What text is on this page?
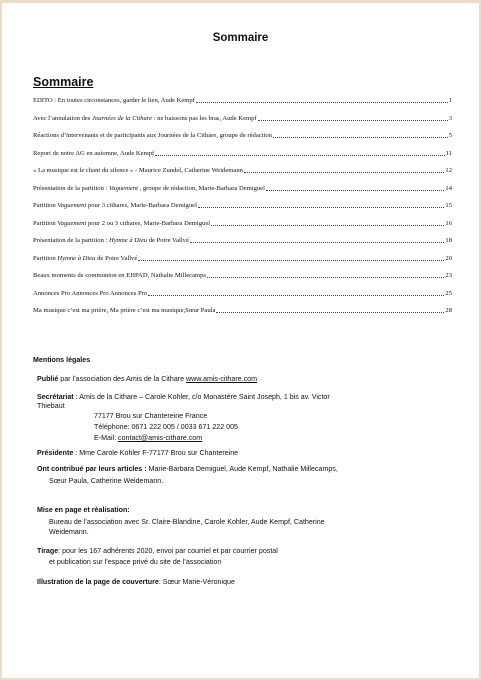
Sommaire
Sommaire
EDITO : En toutes circonstances, garder le lien, Aude Kempf	1
Avec l’annulation des Journées de la Cithare : ne baissons pas les bras, Aude Kempf	3
Réactions d’intervenants et de participants aux Journées de la Cithare, groupe de rédaction	5
Report de notre AG en automne, Aude Kempf	11
« La musique est le chant du silence » - Maurice Zundel, Catherine Weidemann	12
Présentation de la partition : Vaguement , groupe de rédaction, Marie-Barbara Demiguel	14
Partition Vaguement pour 3 cithares, Marie-Barbara Demiguel	15
Partition Vaguement pour 2 ou 3 cithares, Marie-Barbara Demiguel	16
Présentation de la partition : Hymne à Dieu de Poire Vallvé	18
Partition Hymne à Dieu de Poire Vallvé	20
Beaux moments de communion en EHPAD, Nathalie Millecamps	23
Annonces Pro Annonces Pro Annonces Pro	25
Ma musique c’est ma prière, Ma prière c’est ma musique,Sœur Paula	28
Mentions légales
Publié par l’association des Amis de la Cithare www.amis-cithare.com
Secrétariat : Amis de la Cithare – Carole Kohler, c/o Monastère Saint Joseph, 1 bis av. Victor
Thiebaut
77177 Brou sur Chantereine France
Téléphone: 0671 222 005 / 0033 671 222 005
E-Mail: contact@amis-cithare.com
Présidente : Mme Carole Kohler F-77177 Brou sur Chantereine
Ont contribué par leurs articles : Marie-Barbara Demiguel, Aude Kempf, Nathalie Millecamps,
Sœur Paula, Catherine Weidemann.
Mise en page et réalisation:
Bureau de l’association avec Sr. Claire-Blandine, Carole Kohler, Aude Kempf, Catherine
Weidemann.
Tirage: pour les 167 adhérents 2020, envoi par courriel et par courrier postal
et publication sur l’espace privé du site de l’association
Illustration de la page de couverture: Sœur Marie-Véronique
